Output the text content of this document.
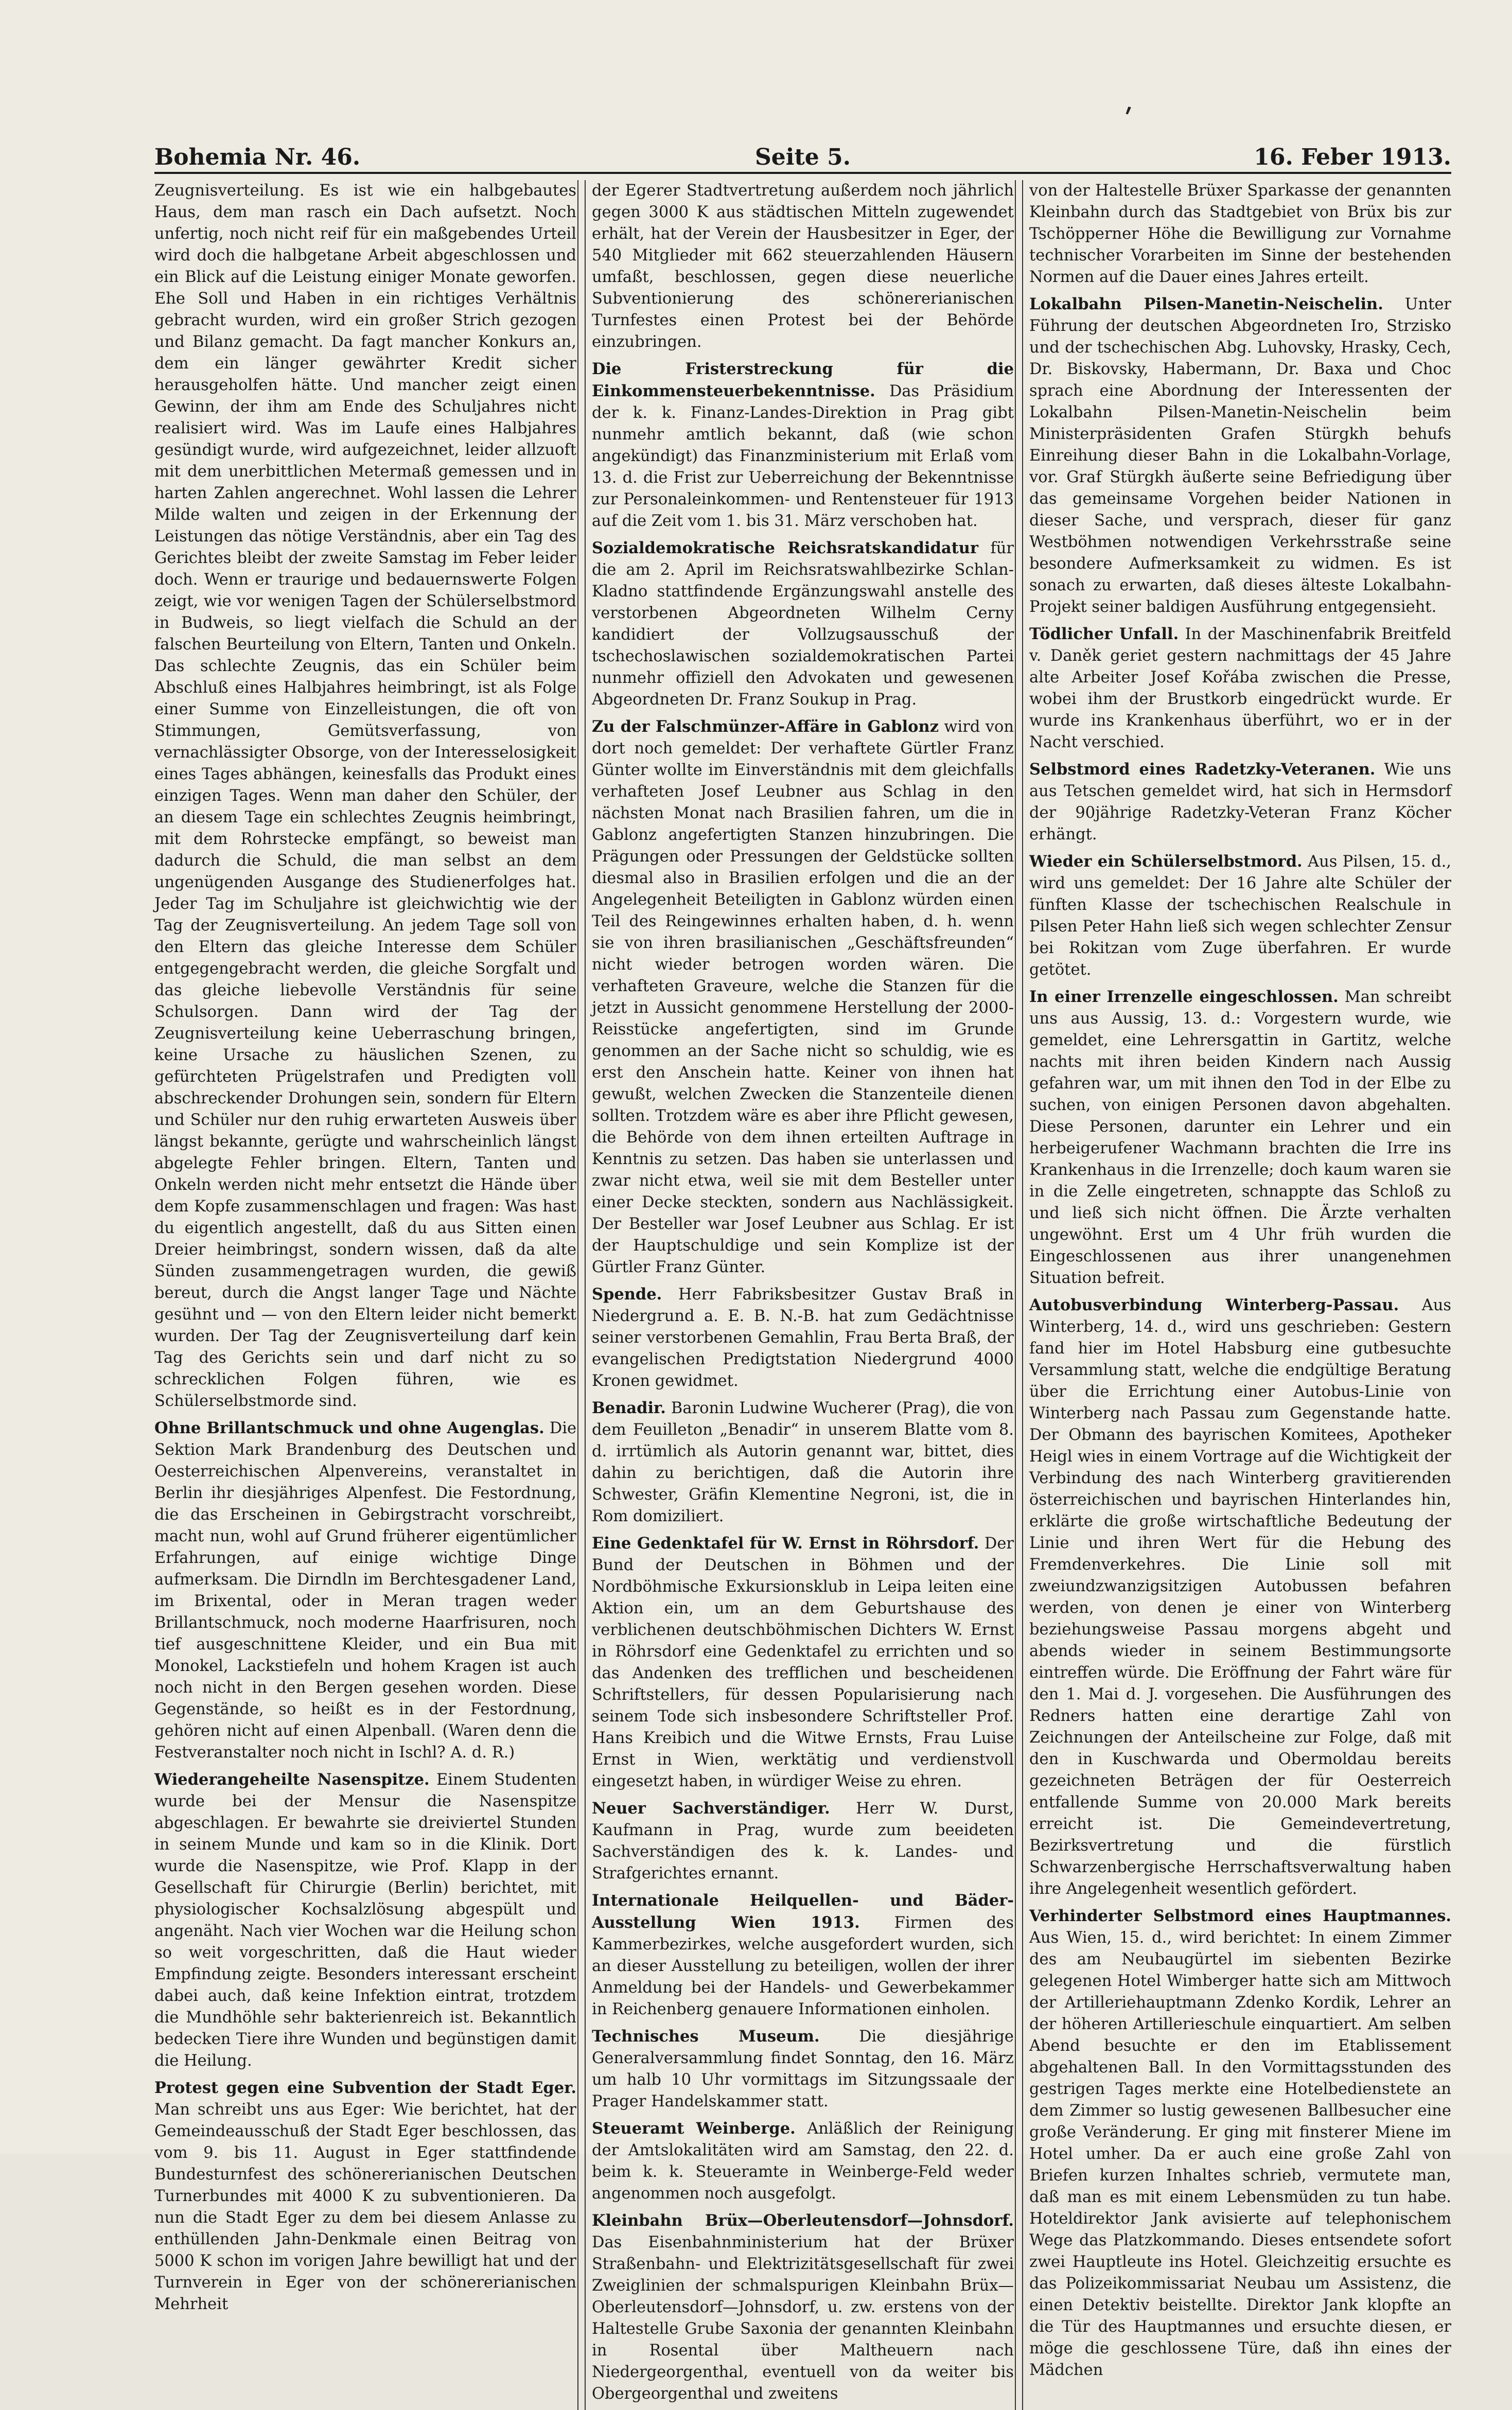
ʹ
Bohemia Nr. 46.	Seite 5.	16. Feber 1913.

Zeugnisverteilung. Es ist wie ein halbgebautes Haus, dem man rasch ein Dach aufsetzt. Noch unfertig, noch nicht reif für ein maßgebendes Urteil wird doch die halbgetane Arbeit abgeschlossen und ein Blick auf die Leistung einiger Monate geworfen. Ehe Soll und Haben in ein richtiges Verhältnis gebracht wurden, wird ein großer Strich gezogen und Bilanz gemacht. Da fagt mancher Konkurs an, dem ein länger gewährter Kredit sicher herausgeholfen hätte. Und mancher zeigt einen Gewinn, der ihm am Ende des Schuljahres nicht realisiert wird. Was im Laufe eines Halbjahres gesündigt wurde, wird aufgezeichnet, leider allzuoft mit dem unerbittlichen Metermaß gemessen und in harten Zahlen angerechnet. Wohl lassen die Lehrer Milde walten und zeigen in der Erkennung der Leistungen das nötige Verständnis, aber ein Tag des Gerichtes bleibt der zweite Samstag im Feber leider doch. Wenn er traurige und bedauernswerte Folgen zeigt, wie vor wenigen Tagen der Schülerselbstmord in Budweis, so liegt vielfach die Schuld an der falschen Beurteilung von Eltern, Tanten und Onkeln. Das schlechte Zeugnis, das ein Schüler beim Abschluß eines Halbjahres heimbringt, ist als Folge einer Summe von Einzelleistungen, die oft von Stimmungen, Gemütsverfassung, von vernachlässigter Obsorge, von der Interesselosigkeit eines Tages abhängen, keinesfalls das Produkt eines einzigen Tages. Wenn man daher den Schüler, der an diesem Tage ein schlechtes Zeugnis heimbringt, mit dem Rohrstecke empfängt, so beweist man dadurch die Schuld, die man selbst an dem ungenügenden Ausgange des Studienerfolges hat. Jeder Tag im Schuljahre ist gleichwichtig wie der Tag der Zeugnisverteilung. An jedem Tage soll von den Eltern das gleiche Interesse dem Schüler entgegengebracht werden, die gleiche Sorgfalt und das gleiche liebevolle Verständnis für seine Schulsorgen. Dann wird der Tag der Zeugnisverteilung keine Ueberraschung bringen, keine Ursache zu häuslichen Szenen, zu gefürchteten Prügelstrafen und Predigten voll abschreckender Drohungen sein, sondern für Eltern und Schüler nur den ruhig erwarteten Ausweis über längst bekannte, gerügte und wahrscheinlich längst abgelegte Fehler bringen. Eltern, Tanten und Onkeln werden nicht mehr entsetzt die Hände über dem Kopfe zusammenschlagen und fragen: Was hast du eigentlich angestellt, daß du aus Sitten einen Dreier heimbringst, sondern wissen, daß da alte Sünden zusammengetragen wurden, die gewiß bereut, durch die Angst langer Tage und Nächte gesühnt und — von den Eltern leider nicht bemerkt wurden. Der Tag der Zeugnisverteilung darf kein Tag des Gerichts sein und darf nicht zu so schrecklichen Folgen führen, wie es Schülerselbstmorde sind.

Ohne Brillantschmuck und ohne Augenglas. Die Sektion Mark Brandenburg des Deutschen und Oesterreichischen Alpenvereins, veranstaltet in Berlin ihr diesjähriges Alpenfest. Die Festordnung, die das Erscheinen in Gebirgstracht vorschreibt, macht nun, wohl auf Grund früherer eigentümlicher Erfahrungen, auf einige wichtige Dinge aufmerksam. Die Dirndln im Berchtesgadener Land, im Brixental, oder in Meran tragen weder Brillantschmuck, noch moderne Haarfrisuren, noch tief ausgeschnittene Kleider, und ein Bua mit Monokel, Lackstiefeln und hohem Kragen ist auch noch nicht in den Bergen gesehen worden. Diese Gegenstände, so heißt es in der Festordnung, gehören nicht auf einen Alpenball. (Waren denn die Festveranstalter noch nicht in Ischl? A. d. R.)

Wiederangeheilte Nasenspitze. Einem Studenten wurde bei der Mensur die Nasenspitze abgeschlagen. Er bewahrte sie dreiviertel Stunden in seinem Munde und kam so in die Klinik. Dort wurde die Nasenspitze, wie Prof. Klapp in der Gesellschaft für Chirurgie (Berlin) berichtet, mit physiologischer Kochsalzlösung abgespült und angenäht. Nach vier Wochen war die Heilung schon so weit vorgeschritten, daß die Haut wieder Empfindung zeigte. Besonders interessant erscheint dabei auch, daß keine Infektion eintrat, trotzdem die Mundhöhle sehr bakterienreich ist. Bekanntlich bedecken Tiere ihre Wunden und begünstigen damit die Heilung.

Protest gegen eine Subvention der Stadt Eger. Man schreibt uns aus Eger: Wie berichtet, hat der Gemeindeausschuß der Stadt Eger beschlossen, das vom 9. bis 11. August in Eger stattfindende Bundesturnfest des schönererianischen Deutschen Turnerbundes mit 4000 K zu subventionieren. Da nun die Stadt Eger zu dem bei diesem Anlasse zu enthüllenden Jahn-Denkmale einen Beitrag von 5000 K schon im vorigen Jahre bewilligt hat und der Turnverein in Eger von der schönererianischen Mehrheit

der Egerer Stadtvertretung außerdem noch jährlich gegen 3000 K aus städtischen Mitteln zugewendet erhält, hat der Verein der Hausbesitzer in Eger, der 540 Mitglieder mit 662 steuerzahlenden Häusern umfaßt, beschlossen, gegen diese neuerliche Subventionierung des schönererianischen Turnfestes einen Protest bei der Behörde einzubringen.

Die Fristerstreckung für die Einkommensteuerbekenntnisse. Das Präsidium der k. k. Finanz-Landes-Direktion in Prag gibt nunmehr amtlich bekannt, daß (wie schon angekündigt) das Finanzministerium mit Erlaß vom 13. d. die Frist zur Ueberreichung der Bekenntnisse zur Personaleinkommen- und Rentensteuer für 1913 auf die Zeit vom 1. bis 31. März verschoben hat.

Sozialdemokratische Reichsratskandidatur für die am 2. April im Reichsratswahlbezirke Schlan-Kladno stattfindende Ergänzungswahl anstelle des verstorbenen Abgeordneten Wilhelm Cerny kandidiert der Vollzugsausschuß der tschechoslawischen sozialdemokratischen Partei nunmehr offiziell den Advokaten und gewesenen Abgeordneten Dr. Franz Soukup in Prag.

Zu der Falschmünzer-Affäre in Gablonz wird von dort noch gemeldet: Der verhaftete Gürtler Franz Günter wollte im Einverständnis mit dem gleichfalls verhafteten Josef Leubner aus Schlag in den nächsten Monat nach Brasilien fahren, um die in Gablonz angefertigten Stanzen hinzubringen. Die Prägungen oder Pressungen der Geldstücke sollten diesmal also in Brasilien erfolgen und die an der Angelegenheit Beteiligten in Gablonz würden einen Teil des Reingewinnes erhalten haben, d. h. wenn sie von ihren brasilianischen „Geschäftsfreunden“ nicht wieder betrogen worden wären. Die verhafteten Graveure, welche die Stanzen für die jetzt in Aussicht genommene Herstellung der 2000-Reisstücke angefertigten, sind im Grunde genommen an der Sache nicht so schuldig, wie es erst den Anschein hatte. Keiner von ihnen hat gewußt, welchen Zwecken die Stanzenteile dienen sollten. Trotzdem wäre es aber ihre Pflicht gewesen, die Behörde von dem ihnen erteilten Auftrage in Kenntnis zu setzen. Das haben sie unterlassen und zwar nicht etwa, weil sie mit dem Besteller unter einer Decke steckten, sondern aus Nachlässigkeit. Der Besteller war Josef Leubner aus Schlag. Er ist der Hauptschuldige und sein Komplize ist der Gürtler Franz Günter.

Spende. Herr Fabriksbesitzer Gustav Braß in Niedergrund a. E. B. N.-B. hat zum Gedächtnisse seiner verstorbenen Gemahlin, Frau Berta Braß, der evangelischen Predigtstation Niedergrund 4000 Kronen gewidmet.

Benadir. Baronin Ludwine Wucherer (Prag), die von dem Feuilleton „Benadir“ in unserem Blatte vom 8. d. irrtümlich als Autorin genannt war, bittet, dies dahin zu berichtigen, daß die Autorin ihre Schwester, Gräfin Klementine Negroni, ist, die in Rom domiziliert.

Eine Gedenktafel für W. Ernst in Röhrsdorf. Der Bund der Deutschen in Böhmen und der Nordböhmische Exkursionsklub in Leipa leiten eine Aktion ein, um an dem Geburtshause des verblichenen deutschböhmischen Dichters W. Ernst in Röhrsdorf eine Gedenktafel zu errichten und so das Andenken des trefflichen und bescheidenen Schriftstellers, für dessen Popularisierung nach seinem Tode sich insbesondere Schriftsteller Prof. Hans Kreibich und die Witwe Ernsts, Frau Luise Ernst in Wien, werktätig und verdienstvoll eingesetzt haben, in würdiger Weise zu ehren.

Neuer Sachverständiger. Herr W. Durst, Kaufmann in Prag, wurde zum beeideten Sachverständigen des k. k. Landes- und Strafgerichtes ernannt.

Internationale Heilquellen- und Bäder-Ausstellung Wien 1913. Firmen des Kammerbezirkes, welche ausgefordert wurden, sich an dieser Ausstellung zu beteiligen, wollen der ihrer Anmeldung bei der Handels- und Gewerbekammer in Reichenberg genauere Informationen einholen.

Technisches Museum.	Die diesjährige Generalversammlung findet Sonntag, den 16. März um halb 10 Uhr vormittags im Sitzungssaale der Prager Handelskammer statt.

Steueramt Weinberge. Anläßlich der Reinigung der Amtslokalitäten wird am Samstag, den 22. d. beim k. k. Steueramte in Weinberge-Feld weder angenommen noch ausgefolgt.

Kleinbahn Brüx—Oberleutensdorf—Johnsdorf. Das Eisenbahnministerium hat der Brüxer Straßenbahn- und Elektrizitätsgesellschaft für zwei Zweiglinien der schmalspurigen Kleinbahn Brüx—Oberleutensdorf—Johnsdorf, u. zw. erstens von der Haltestelle Grube Saxonia der genannten Kleinbahn in Rosental über Maltheuern nach Niedergeorgenthal, eventuell von da weiter bis Obergeorgenthal und zweitens

von der Haltestelle Brüxer Sparkasse der genannten Kleinbahn durch das Stadtgebiet von Brüx bis zur Tschöpperner Höhe die Bewilligung zur Vornahme technischer Vorarbeiten im Sinne der bestehenden Normen auf die Dauer eines Jahres erteilt.

Lokalbahn Pilsen-Manetin-Neischelin. Unter Führung der deutschen Abgeordneten Iro, Strzisko und der tschechischen Abg. Luhovsky, Hrasky, Cech, Dr. Biskovsky, Habermann, Dr. Baxa und Choc sprach eine Abordnung der Interessenten der Lokalbahn Pilsen-Manetin-Neischelin beim Ministerpräsidenten Grafen Stürgkh behufs Einreihung dieser Bahn in die Lokalbahn-Vorlage, vor. Graf Stürgkh äußerte seine Befriedigung über das gemeinsame Vorgehen beider Nationen in dieser Sache, und versprach, dieser für ganz Westböhmen notwendigen Verkehrsstraße seine besondere Aufmerksamkeit zu widmen. Es ist sonach zu erwarten, daß dieses älteste Lokalbahn-Projekt seiner baldigen Ausführung entgegensieht.

Tödlicher Unfall. In der Maschinenfabrik Breitfeld v. Daněk geriet gestern nachmittags der 45 Jahre alte Arbeiter Josef Kořába zwischen die Presse, wobei ihm der Brustkorb eingedrückt wurde. Er wurde ins Krankenhaus überführt, wo er in der Nacht verschied.

Selbstmord eines Radetzky-Veteranen. Wie uns aus Tetschen gemeldet wird, hat sich in Hermsdorf der 90jährige Radetzky-Veteran Franz Köcher erhängt.

Wieder ein Schülerselbstmord. Aus Pilsen, 15. d., wird uns gemeldet: Der 16 Jahre alte Schüler der fünften Klasse der tschechischen Realschule in Pilsen Peter Hahn ließ sich wegen schlechter Zensur bei Rokitzan vom Zuge überfahren. Er wurde getötet.

In einer Irrenzelle eingeschlossen. Man schreibt uns aus Aussig, 13. d.: Vorgestern wurde, wie gemeldet, eine Lehrersgattin in Gartitz, welche nachts mit ihren beiden Kindern nach Aussig gefahren war, um mit ihnen den Tod in der Elbe zu suchen, von einigen Personen davon abgehalten. Diese Personen, darunter ein Lehrer und ein herbeigerufener Wachmann brachten die Irre ins Krankenhaus in die Irrenzelle; doch kaum waren sie in die Zelle eingetreten, schnappte das Schloß zu und ließ sich nicht öffnen. Die Ärzte verhalten ungewöhnt. Erst um 4 Uhr früh wurden die Eingeschlossenen aus ihrer unangenehmen Situation befreit.

Autobusverbindung Winterberg-Passau. Aus Winterberg, 14. d., wird uns geschrieben: Gestern fand hier im Hotel Habsburg eine gutbesuchte Versammlung statt, welche die endgültige Beratung über die Errichtung einer Autobus-Linie von Winterberg nach Passau zum Gegenstande hatte. Der Obmann des bayrischen Komitees, Apotheker Heigl wies in einem Vortrage auf die Wichtigkeit der Verbindung des nach Winterberg gravitierenden österreichischen und bayrischen Hinterlandes hin, erklärte die große wirtschaftliche Bedeutung der Linie und ihren Wert für die Hebung des Fremdenverkehres. Die Linie soll mit zweiundzwanzigsitzigen Autobussen befahren werden, von denen je einer von Winterberg beziehungsweise Passau morgens abgeht und abends wieder in seinem Bestimmungsorte eintreffen würde. Die Eröffnung der Fahrt wäre für den 1. Mai d. J. vorgesehen. Die Ausführungen des Redners hatten eine derartige Zahl von Zeichnungen der Anteilscheine zur Folge, daß mit den in Kuschwarda und Obermoldau bereits gezeichneten Beträgen der für Oesterreich entfallende Summe von 20.000 Mark bereits erreicht ist. Die Gemeindevertretung, Bezirksvertretung und die fürstlich Schwarzenbergische Herrschaftsverwaltung haben ihre Angelegenheit wesentlich gefördert.

Verhinderter Selbstmord eines Hauptmannes. Aus Wien, 15. d., wird berichtet: In einem Zimmer des am Neubaugürtel im siebenten Bezirke gelegenen Hotel Wimberger hatte sich am Mittwoch der Artilleriehauptmann Zdenko Kordik, Lehrer an der höheren Artillerieschule einquartiert. Am selben Abend besuchte er den im Etablissement abgehaltenen Ball. In den Vormittagsstunden des gestrigen Tages merkte eine Hotelbedienstete an dem Zimmer so lustig gewesenen Ballbesucher eine große Veränderung. Er ging mit finsterer Miene im Hotel umher. Da er auch eine große Zahl von Briefen kurzen Inhaltes schrieb, vermutete man, daß man es mit einem Lebensmüden zu tun habe. Hoteldirektor Jank avisierte auf telephonischem Wege das Platzkommando. Dieses entsendete sofort zwei Hauptleute ins Hotel. Gleichzeitig ersuchte es das Polizeikommissariat Neubau um Assistenz, die einen Detektiv beistellte. Direktor Jank klopfte an die Tür des Hauptmannes und ersuchte diesen, er möge die geschlossene Türe, daß ihn eines der Mädchen
